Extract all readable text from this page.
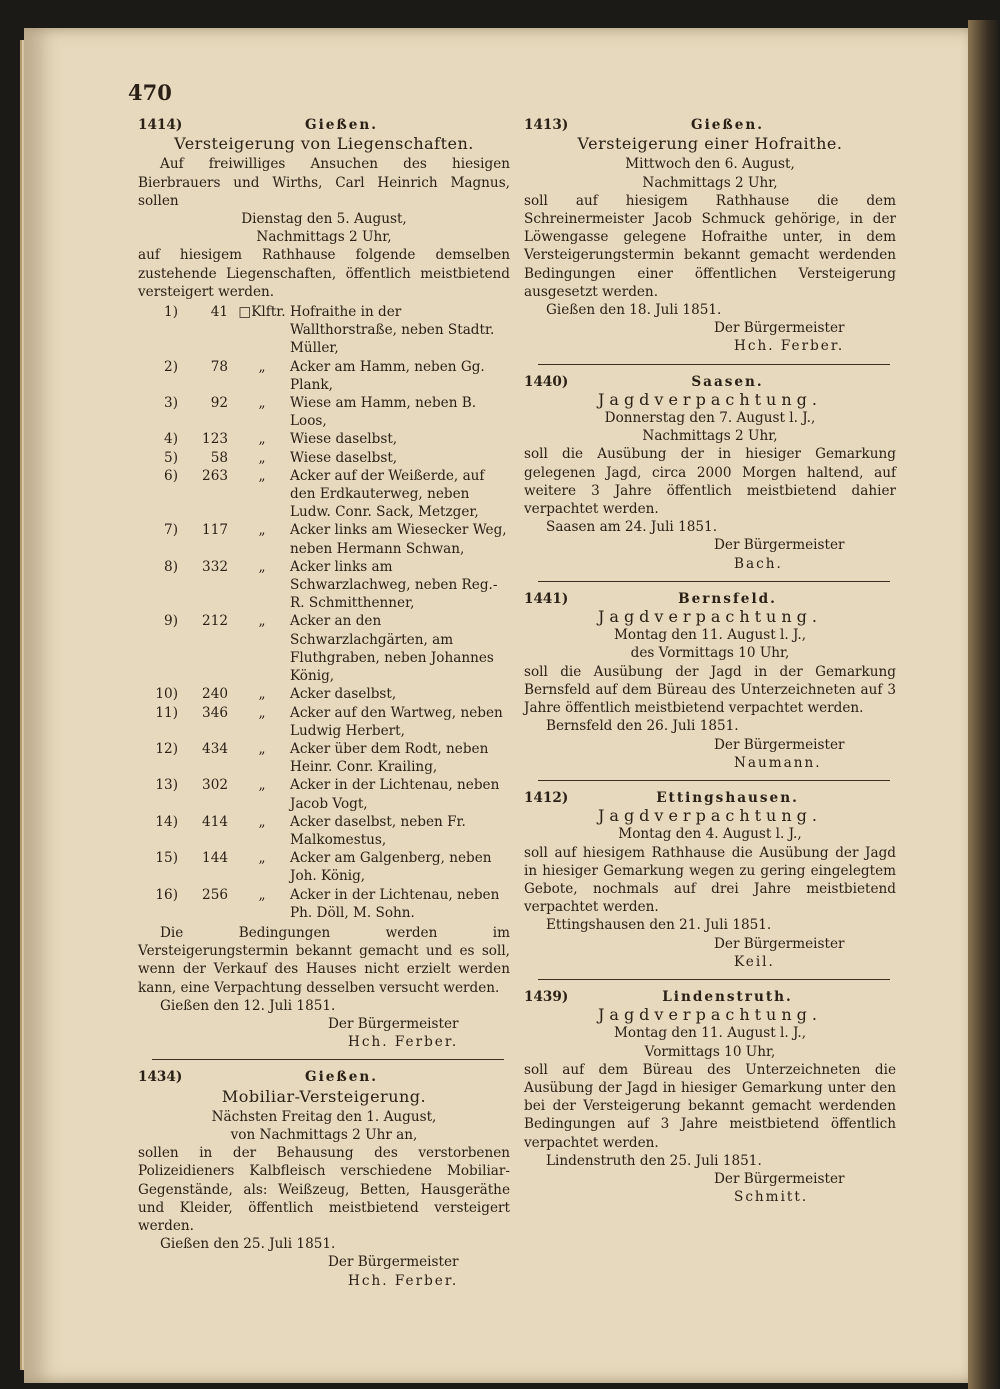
470
1414)	Gießen.
Versteigerung von Liegenschaften.
Auf freiwilliges Ansuchen des hiesigen Bierbrauers und Wirths, Carl Heinrich Magnus, sollen
Dienstag den 5. August,
Nachmittags 2 Uhr,
auf hiesigem Rathhause folgende demselben zustehende Liegenschaften, öffentlich meistbietend versteigert werden.
1)	41 □Klftr. Hofraithe in der Wallthorstraße, neben Stadtr. Müller,
2)	78	„	Acker am Hamm, neben Gg. Plank,
3)	92	„	Wiese am Hamm, neben B. Loos,
4)	123	„	Wiese daselbst,
5)	58	„	Wiese daselbst,
6)	263	„	Acker auf der Weißerde, auf den Erdkauterweg, neben Ludw. Conr. Sack, Metzger,
7)	117	„	Acker links am Wiesecker Weg, neben Hermann Schwan,
8)	332	„	Acker links am Schwarzlachweg, neben Reg.-R. Schmitthenner,
9)	212	„	Acker an den Schwarzlachgärten, am Fluthgraben, neben Johannes König,
10)	240	„	Acker daselbst,
11)	346	„	Acker auf den Wartweg, neben Ludwig Herbert,
12)	434	„	Acker über dem Rodt, neben Heinr. Conr. Krailing,
13)	302	„	Acker in der Lichtenau, neben Jacob Vogt,
14)	414	„	Acker daselbst, neben Fr. Malkomestus,
15)	144	„	Acker am Galgenberg, neben Joh. König,
16)	256	„	Acker in der Lichtenau, neben Ph. Döll, M. Sohn.
Die Bedingungen werden im Versteigerungstermin bekannt gemacht und es soll, wenn der Verkauf des Hauses nicht erzielt werden kann, eine Verpachtung desselben versucht werden.
Gießen den 12. Juli 1851.
Der Bürgermeister
Hch. Ferber.
1434)	Gießen.
Mobiliar-Versteigerung.
Nächsten Freitag den 1. August,
von Nachmittags 2 Uhr an,
sollen in der Behausung des verstorbenen Polizeidieners Kalbfleisch verschiedene Mobiliar-Gegenstände, als: Weißzeug, Betten, Hausgeräthe und Kleider, öffentlich meistbietend versteigert werden.
Gießen den 25. Juli 1851.
Der Bürgermeister
Hch. Ferber.
1413)	Gießen.
Versteigerung einer Hofraithe.
Mittwoch den 6. August,
Nachmittags 2 Uhr,
soll auf hiesigem Rathhause die dem Schreinermeister Jacob Schmuck gehörige, in der Löwengasse gelegene Hofraithe unter, in dem Versteigerungstermin bekannt gemacht werdenden Bedingungen einer öffentlichen Versteigerung ausgesetzt werden.
Gießen den 18. Juli 1851.
Der Bürgermeister
Hch. Ferber.
1440)	Saasen.
Jagdverpachtung.
Donnerstag den 7. August l. J.,
Nachmittags 2 Uhr,
soll die Ausübung der in hiesiger Gemarkung gelegenen Jagd, circa 2000 Morgen haltend, auf weitere 3 Jahre öffentlich meistbietend dahier verpachtet werden.
Saasen am 24. Juli 1851.
Der Bürgermeister
Bach.
1441)	Bernsfeld.
Jagdverpachtung.
Montag den 11. August l. J.,
des Vormittags 10 Uhr,
soll die Ausübung der Jagd in der Gemarkung Bernsfeld auf dem Büreau des Unterzeichneten auf 3 Jahre öffentlich meistbietend verpachtet werden.
Bernsfeld den 26. Juli 1851.
Der Bürgermeister
Naumann.
1412)	Ettingshausen.
Jagdverpachtung.
Montag den 4. August l. J.,
soll auf hiesigem Rathhause die Ausübung der Jagd in hiesiger Gemarkung wegen zu gering eingelegtem Gebote, nochmals auf drei Jahre meistbietend verpachtet werden.
Ettingshausen den 21. Juli 1851.
Der Bürgermeister
Keil.
1439)	Lindenstruth.
Jagdverpachtung.
Montag den 11. August l. J.,
Vormittags 10 Uhr,
soll auf dem Büreau des Unterzeichneten die Ausübung der Jagd in hiesiger Gemarkung unter den bei der Versteigerung bekannt gemacht werdenden Bedingungen auf 3 Jahre meistbietend öffentlich verpachtet werden.
Lindenstruth den 25. Juli 1851.
Der Bürgermeister
Schmitt.
